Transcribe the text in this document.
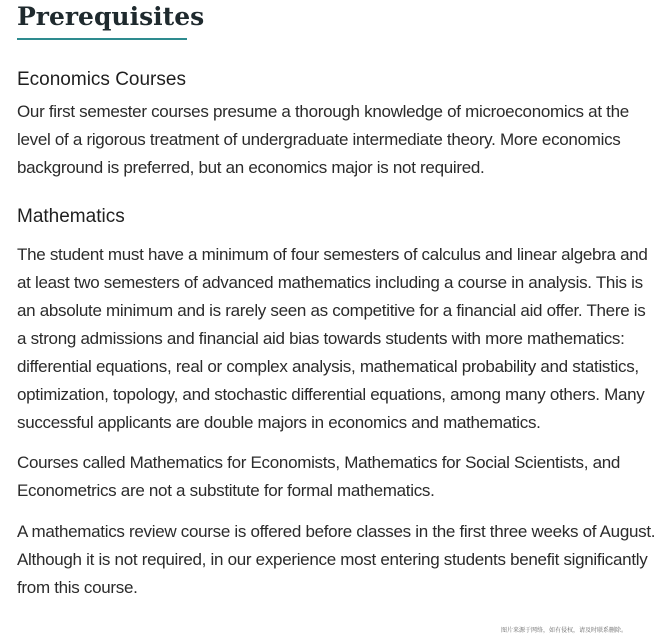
Prerequisites
Economics Courses

Our first semester courses presume a thorough knowledge of microeconomics at the level of a rigorous treatment of undergraduate intermediate theory. More economics background is preferred, but an economics major is not required.

Mathematics

The student must have a minimum of four semesters of calculus and linear algebra and at least two semesters of advanced mathematics including a course in analysis. This is an absolute minimum and is rarely seen as competitive for a financial aid offer. There is a strong admissions and financial aid bias towards students with more mathematics: differential equations, real or complex analysis, mathematical probability and statistics, optimization, topology, and stochastic differential equations, among many others. Many successful applicants are double majors in economics and mathematics.

Courses called Mathematics for Economists, Mathematics for Social Scientists, and Econometrics are not a substitute for formal mathematics.

A mathematics review course is offered before classes in the first three weeks of August. Although it is not required, in our experience most entering students benefit significantly from this course.

图片来源于网络，如有侵权，请及时联系删除。
